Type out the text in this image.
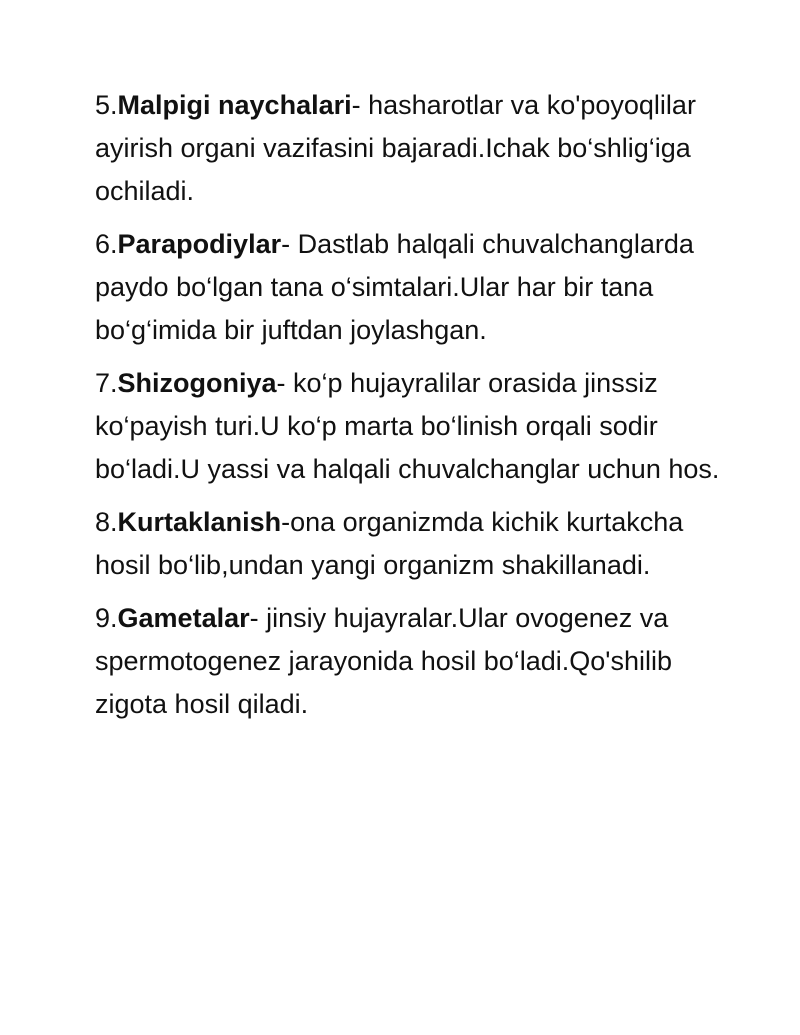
5.Malpigi naychalari- hasharotlar va ko'poyoqlilar ayirish organi vazifasini bajaradi.Ichak bo‘shlig‘iga ochiladi.

6.Parapodiylar- Dastlab halqali chuvalchanglarda paydo bo‘lgan tana o‘simtalari.Ular har bir tana bo‘g‘imida bir juftdan joylashgan.

7.Shizogoniya- ko‘p hujayralilar orasida jinssiz ko‘payish turi.U ko‘p marta bo‘linish orqali sodir bo‘ladi.U yassi va halqali chuvalchanglar uchun hos.

8.Kurtaklanish-ona organizmda kichik kurtakcha hosil bo‘lib,undan yangi organizm shakillanadi.

9.Gametalar- jinsiy hujayralar.Ular ovogenez va spermotogenez jarayonida hosil bo‘ladi.Qo'shilib zigota hosil qiladi.
